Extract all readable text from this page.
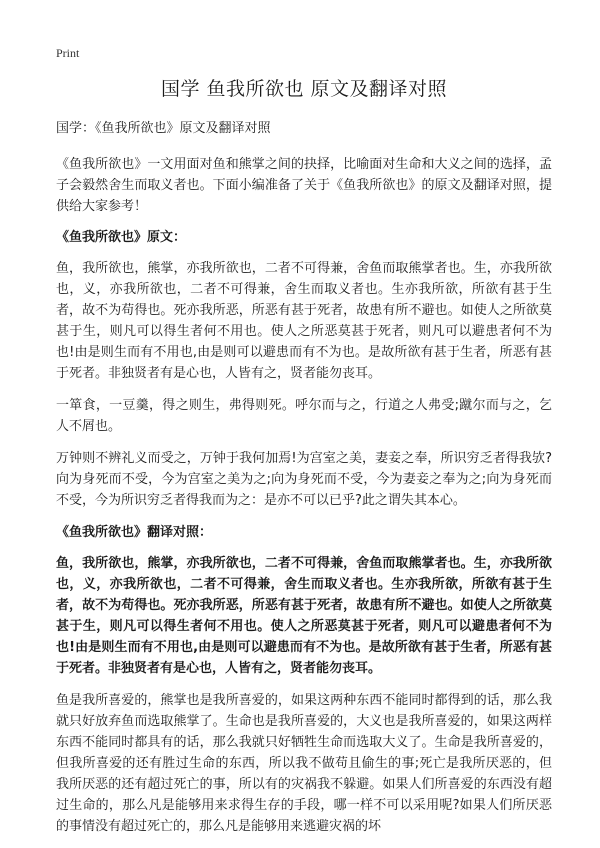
Print
国学 鱼我所欲也 原文及翻译对照

国学：《鱼我所欲也》原文及翻译对照

《鱼我所欲也》一文用面对鱼和熊掌之间的抉择，比喻面对生命和大义之间的选择，孟子会毅然舍生而取义者也。下面小编准备了关于《鱼我所欲也》的原文及翻译对照，提供给大家参考！

《鱼我所欲也》原文：

鱼，我所欲也，熊掌，亦我所欲也，二者不可得兼，舍鱼而取熊掌者也。生，亦我所欲也，义，亦我所欲也，二者不可得兼，舍生而取义者也。生亦我所欲，所欲有甚于生者，故不为苟得也。死亦我所恶，所恶有甚于死者，故患有所不避也。如使人之所欲莫甚于生，则凡可以得生者何不用也。使人之所恶莫甚于死者，则凡可以避患者何不为也!由是则生而有不用也,由是则可以避患而有不为也。是故所欲有甚于生者，所恶有甚于死者。非独贤者有是心也，人皆有之，贤者能勿丧耳。

一箪食，一豆羹，得之则生，弗得则死。呼尔而与之，行道之人弗受;蹴尔而与之，乞人不屑也。

万钟则不辨礼义而受之，万钟于我何加焉!为宫室之美，妻妾之奉，所识穷乏者得我欤?向为身死而不受，今为宫室之美为之;向为身死而不受，今为妻妾之奉为之;向为身死而不受，今为所识穷乏者得我而为之：是亦不可以已乎?此之谓失其本心。

《鱼我所欲也》翻译对照：

鱼，我所欲也，熊掌，亦我所欲也，二者不可得兼，舍鱼而取熊掌者也。生，亦我所欲也，义，亦我所欲也，二者不可得兼，舍生而取义者也。生亦我所欲，所欲有甚于生者，故不为苟得也。死亦我所恶，所恶有甚于死者，故患有所不避也。如使人之所欲莫甚于生，则凡可以得生者何不用也。使人之所恶莫甚于死者，则凡可以避患者何不为也!由是则生而有不用也,由是则可以避患而有不为也。是故所欲有甚于生者，所恶有甚于死者。非独贤者有是心也，人皆有之，贤者能勿丧耳。

鱼是我所喜爱的，熊掌也是我所喜爱的，如果这两种东西不能同时都得到的话，那么我就只好放弃鱼而选取熊掌了。生命也是我所喜爱的，大义也是我所喜爱的，如果这两样东西不能同时都具有的话，那么我就只好牺牲生命而选取大义了。生命是我所喜爱的，但我所喜爱的还有胜过生命的东西，所以我不做苟且偷生的事;死亡是我所厌恶的，但我所厌恶的还有超过死亡的事，所以有的灾祸我不躲避。如果人们所喜爱的东西没有超过生命的，那么凡是能够用来求得生存的手段，哪一样不可以采用呢?如果人们所厌恶的事情没有超过死亡的，那么凡是能够用来逃避灾祸的坏
